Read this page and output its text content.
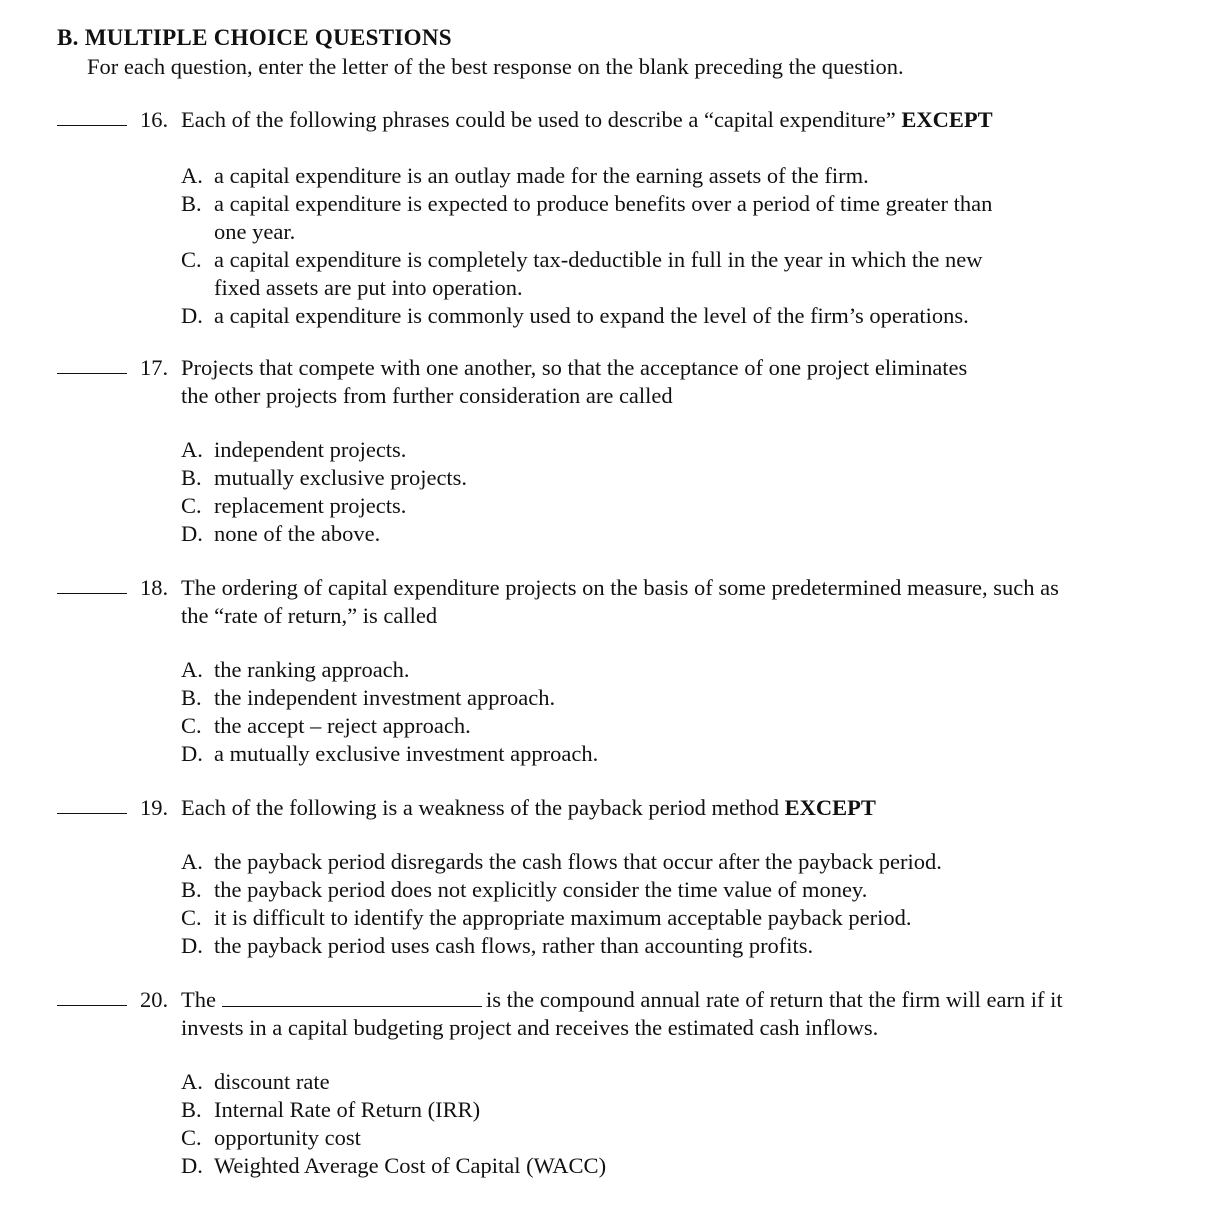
B. MULTIPLE CHOICE QUESTIONS
For each question, enter the letter of the best response on the blank preceding the question.
16. Each of the following phrases could be used to describe a “capital expenditure” EXCEPT
A. a capital expenditure is an outlay made for the earning assets of the firm.
B. a capital expenditure is expected to produce benefits over a period of time greater than
one year.
C. a capital expenditure is completely tax-deductible in full in the year in which the new
fixed assets are put into operation.
D. a capital expenditure is commonly used to expand the level of the firm’s operations.
17. Projects that compete with one another, so that the acceptance of one project eliminates
the other projects from further consideration are called
A. independent projects.
B. mutually exclusive projects.
C. replacement projects.
D. none of the above.
18. The ordering of capital expenditure projects on the basis of some predetermined measure, such as
the “rate of return,” is called
A. the ranking approach.
B. the independent investment approach.
C. the accept – reject approach.
D. a mutually exclusive investment approach.
19. Each of the following is a weakness of the payback period method EXCEPT
A. the payback period disregards the cash flows that occur after the payback period.
B. the payback period does not explicitly consider the time value of money.
C. it is difficult to identify the appropriate maximum acceptable payback period.
D. the payback period uses cash flows, rather than accounting profits.
20. The	is the compound annual rate of return that the firm will earn if it
invests in a capital budgeting project and receives the estimated cash inflows.
A. discount rate
B. Internal Rate of Return (IRR)
C. opportunity cost
D. Weighted Average Cost of Capital (WACC)
